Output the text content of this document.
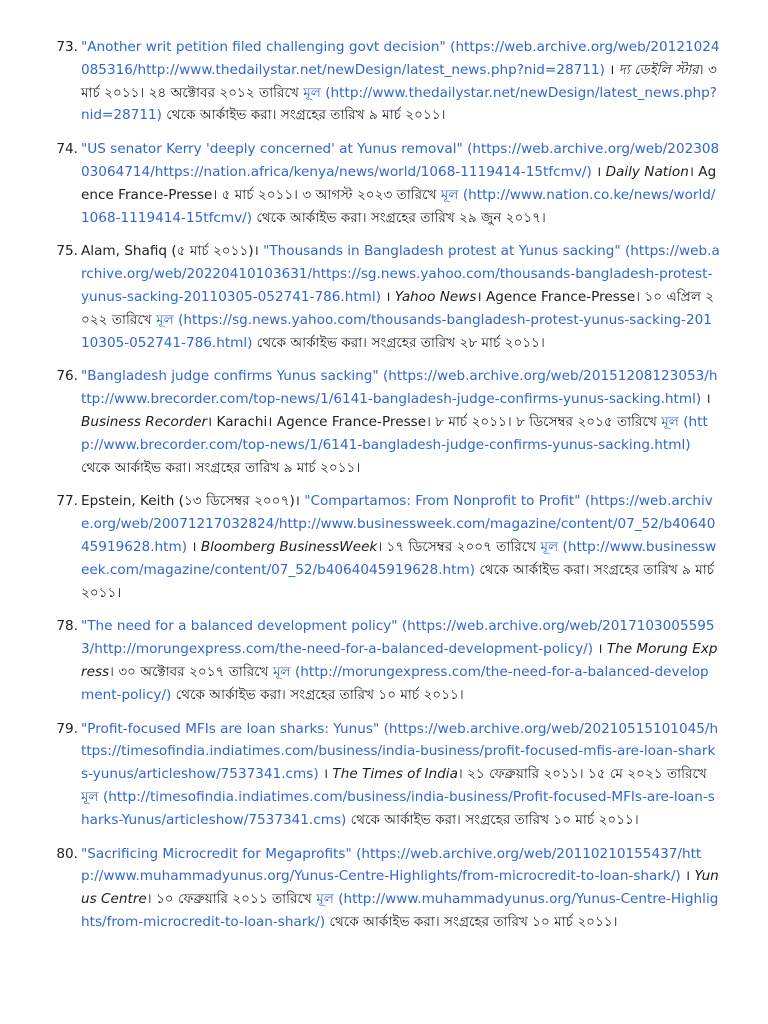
73. "Another writ petition filed challenging govt decision" (https://web.archive.org/web/20121024085316/http://www.thedailystar.net/newDesign/latest_news.php?nid=28711) । দ্য ডেইলি স্টার। ৩ মার্চ ২০১১। ২৪ অক্টোবর ২০১২ তারিখে মূল (http://www.thedailystar.net/newDesign/latest_news.php?nid=28711) থেকে আর্কাইভ করা। সংগ্রহের তারিখ ৯ মার্চ ২০১১।
74. "US senator Kerry 'deeply concerned' at Yunus removal" (https://web.archive.org/web/20230803064714/https://nation.africa/kenya/news/world/1068-1119414-15tfcmv/) । Daily Nation। Agence France-Presse। ৫ মার্চ ২০১১। ৩ আগস্ট ২০২৩ তারিখে মূল (http://www.nation.co.ke/news/world/1068-1119414-15tfcmv/) থেকে আর্কাইভ করা। সংগ্রহের তারিখ ২৯ জুন ২০১৭।
75. Alam, Shafiq (৫ মার্চ ২০১১)। "Thousands in Bangladesh protest at Yunus sacking" (https://web.archive.org/web/20220410103631/https://sg.news.yahoo.com/thousands-bangladesh-protest-yunus-sacking-20110305-052741-786.html) । Yahoo News। Agence France-Presse। ১০ এপ্রিল ২০২২ তারিখে মূল (https://sg.news.yahoo.com/thousands-bangladesh-protest-yunus-sacking-20110305-052741-786.html) থেকে আর্কাইভ করা। সংগ্রহের তারিখ ২৮ মার্চ ২০১১।
76. "Bangladesh judge confirms Yunus sacking" (https://web.archive.org/web/20151208123053/http://www.brecorder.com/top-news/1/6141-bangladesh-judge-confirms-yunus-sacking.html) । Business Recorder। Karachi। Agence France-Presse। ৮ মার্চ ২০১১। ৮ ডিসেম্বর ২০১৫ তারিখে মূল (http://www.brecorder.com/top-news/1/6141-bangladesh-judge-confirms-yunus-sacking.html) থেকে আর্কাইভ করা। সংগ্রহের তারিখ ৯ মার্চ ২০১১।
77. Epstein, Keith (১৩ ডিসেম্বর ২০০৭)। "Compartamos: From Nonprofit to Profit" (https://web.archive.org/web/20071217032824/http://www.businessweek.com/magazine/content/07_52/b4064045919628.htm) । Bloomberg BusinessWeek। ১৭ ডিসেম্বর ২০০৭ তারিখে মূল (http://www.businessweek.com/magazine/content/07_52/b4064045919628.htm) থেকে আর্কাইভ করা। সংগ্রহের তারিখ ৯ মার্চ ২০১১।
78. "The need for a balanced development policy" (https://web.archive.org/web/20171030055953/http://morungexpress.com/the-need-for-a-balanced-development-policy/) । The Morung Express। ৩০ অক্টোবর ২০১৭ তারিখে মূল (http://morungexpress.com/the-need-for-a-balanced-development-policy/) থেকে আর্কাইভ করা। সংগ্রহের তারিখ ১০ মার্চ ২০১১।
79. "Profit-focused MFIs are loan sharks: Yunus" (https://web.archive.org/web/20210515101045/https://timesofindia.indiatimes.com/business/india-business/profit-focused-mfis-are-loan-sharks-yunus/articleshow/7537341.cms) । The Times of India। ২১ ফেব্রুয়ারি ২০১১। ১৫ মে ২০২১ তারিখে মূল (http://timesofindia.indiatimes.com/business/india-business/Profit-focused-MFIs-are-loan-sharks-Yunus/articleshow/7537341.cms) থেকে আর্কাইভ করা। সংগ্রহের তারিখ ১০ মার্চ ২০১১।
80. "Sacrificing Microcredit for Megaprofits" (https://web.archive.org/web/20110210155437/http://www.muhammadyunus.org/Yunus-Centre-Highlights/from-microcredit-to-loan-shark/) । Yunus Centre। ১০ ফেব্রুয়ারি ২০১১ তারিখে মূল (http://www.muhammadyunus.org/Yunus-Centre-Highlights/from-microcredit-to-loan-shark/) থেকে আর্কাইভ করা। সংগ্রহের তারিখ ১০ মার্চ ২০১১।
